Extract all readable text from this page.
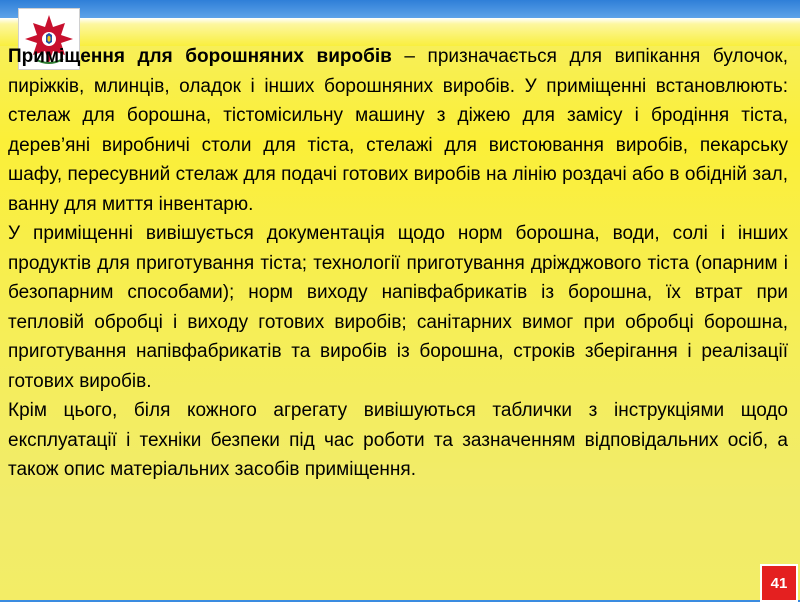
Приміщення для борошняних виробів – призначається для випікання булочок, пиріжків, млинців, оладок і інших борошняних виробів. У приміщенні встановлюють: стелаж для борошна, тістомісильну машину з діжею для замісу і бродіння тіста, дерев’яні виробничі столи для тіста, стелажі для вистоювання виробів, пекарську шафу, пересувний стелаж для подачі готових виробів на лінію роздачі або в обідній зал, ванну для миття інвентарю.

У приміщенні вивішується документація щодо норм борошна, води, солі і інших продуктів для приготування тіста; технології приготування дріжджового тіста (опарним і безопарним способами); норм виходу напівфабрикатів із борошна, їх втрат при тепловій обробці і виходу готових виробів; санітарних вимог при обробці борошна, приготування напівфабрикатів та виробів із борошна, строків зберігання і реалізації готових виробів.

Крім цього, біля кожного агрегату вивішуються таблички з інструкціями щодо експлуатації і техніки безпеки під час роботи та зазначенням відповідальних осіб, а також опис матеріальних засобів приміщення.

41
